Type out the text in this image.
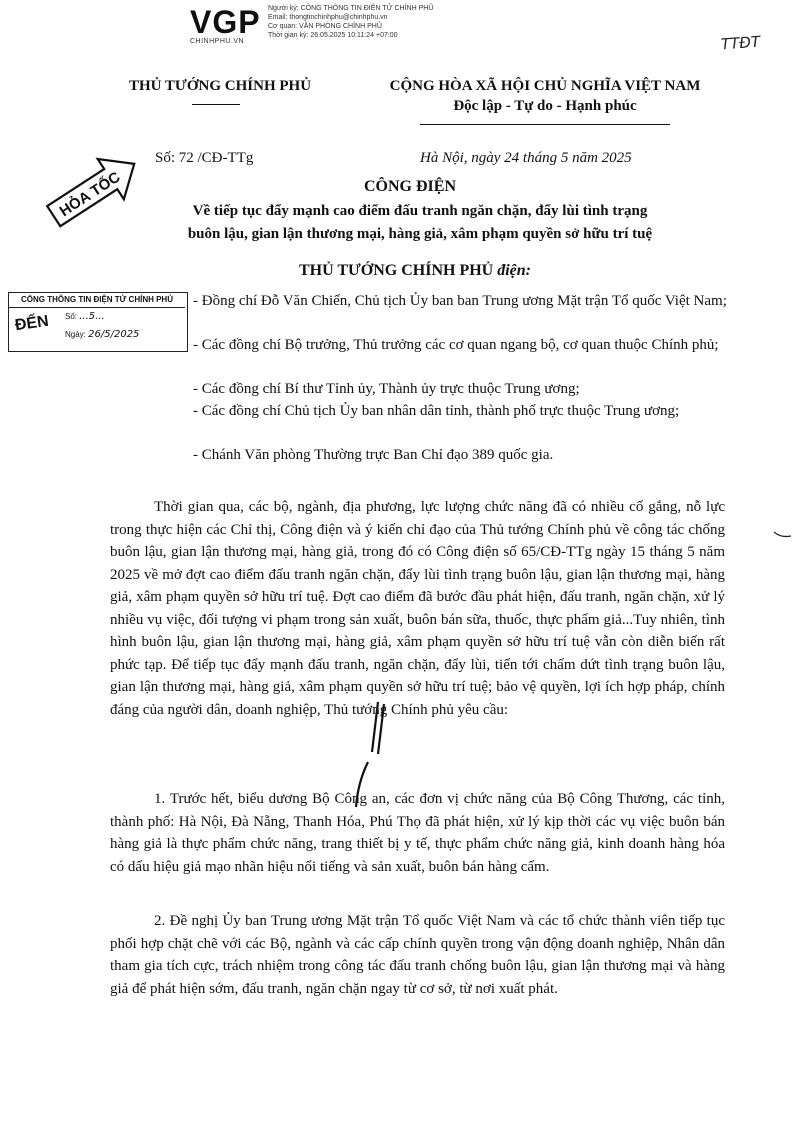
VGP
CHINHPHU.VN
Người ký: CÔNG THÔNG TIN ĐIỆN TỬ CHÍNH PHỦ
Email: thongtinchinhphu@chinhphu.vn
Cơ quan: VĂN PHÒNG CHÍNH PHỦ
Thời gian ký: 26.05.2025 10:11:24 +07:00	TTĐT
THỦ TƯỚNG CHÍNH PHỦ	CỘNG HÒA XÃ HỘI CHỦ NGHĨA VIỆT NAM
Độc lập - Tự do - Hạnh phúc
Số: 72 /CĐ-TTg	Hà Nội, ngày 24 tháng 5 năm 2025
HỎA TỐC	CÔNG ĐIỆN
Về tiếp tục đẩy mạnh cao điểm đấu tranh ngăn chặn, đẩy lùi tình trạng
buôn lậu, gian lận thương mại, hàng giả, xâm phạm quyền sở hữu trí tuệ
THỦ TƯỚNG CHÍNH PHỦ điện:
CỔNG THÔNG TIN ĐIỆN TỬ CHÍNH PHỦ
ĐẾN Số: ...5...
Ngày: 26/5/2025
- Đồng chí Đỗ Văn Chiến, Chủ tịch Ủy ban ban Trung ương Mặt trận Tổ quốc Việt Nam;
- Các đồng chí Bộ trưởng, Thủ trưởng các cơ quan ngang bộ, cơ quan thuộc Chính phủ;
- Các đồng chí Bí thư Tỉnh ủy, Thành ủy trực thuộc Trung ương;
- Các đồng chí Chủ tịch Ủy ban nhân dân tỉnh, thành phố trực thuộc Trung ương;
- Chánh Văn phòng Thường trực Ban Chỉ đạo 389 quốc gia.
Thời gian qua, các bộ, ngành, địa phương, lực lượng chức năng đã có nhiều cố gắng, nỗ lực trong thực hiện các Chỉ thị, Công điện và ý kiến chỉ đạo của Thủ tướng Chính phủ về công tác chống buôn lậu, gian lận thương mại, hàng giả, trong đó có Công điện số 65/CĐ-TTg ngày 15 tháng 5 năm 2025 về mở đợt cao điểm đấu tranh ngăn chặn, đẩy lùi tình trạng buôn lậu, gian lận thương mại, hàng giả, xâm phạm quyền sở hữu trí tuệ. Đợt cao điểm đã bước đầu phát hiện, đấu tranh, ngăn chặn, xử lý nhiều vụ việc, đối tượng vi phạm trong sản xuất, buôn bán sữa, thuốc, thực phẩm giả...Tuy nhiên, tình hình buôn lậu, gian lận thương mại, hàng giả, xâm phạm quyền sở hữu trí tuệ vẫn còn diễn biến rất phức tạp. Để tiếp tục đẩy mạnh đấu tranh, ngăn chặn, đẩy lùi, tiến tới chấm dứt tình trạng buôn lậu, gian lận thương mại, hàng giả, xâm phạm quyền sở hữu trí tuệ; bảo vệ quyền, lợi ích hợp pháp, chính đáng của người dân, doanh nghiệp, Thủ tướng Chính phủ yêu cầu:
1. Trước hết, biểu dương Bộ Công an, các đơn vị chức năng của Bộ Công Thương, các tỉnh, thành phố: Hà Nội, Đà Nẵng, Thanh Hóa, Phú Thọ đã phát hiện, xử lý kịp thời các vụ việc buôn bán hàng giả là thực phẩm chức năng, trang thiết bị y tế, thực phẩm chức năng giả, kinh doanh hàng hóa có dấu hiệu giả mạo nhãn hiệu nổi tiếng và sản xuất, buôn bán hàng cấm.
2. Đề nghị Ủy ban Trung ương Mặt trận Tổ quốc Việt Nam và các tổ chức thành viên tiếp tục phối hợp chặt chẽ với các Bộ, ngành và các cấp chính quyền trong vận động doanh nghiệp, Nhân dân tham gia tích cực, trách nhiệm trong công tác đấu tranh chống buôn lậu, gian lận thương mại và hàng giả để phát hiện sớm, đấu tranh, ngăn chặn ngay từ cơ sở, từ nơi xuất phát.
